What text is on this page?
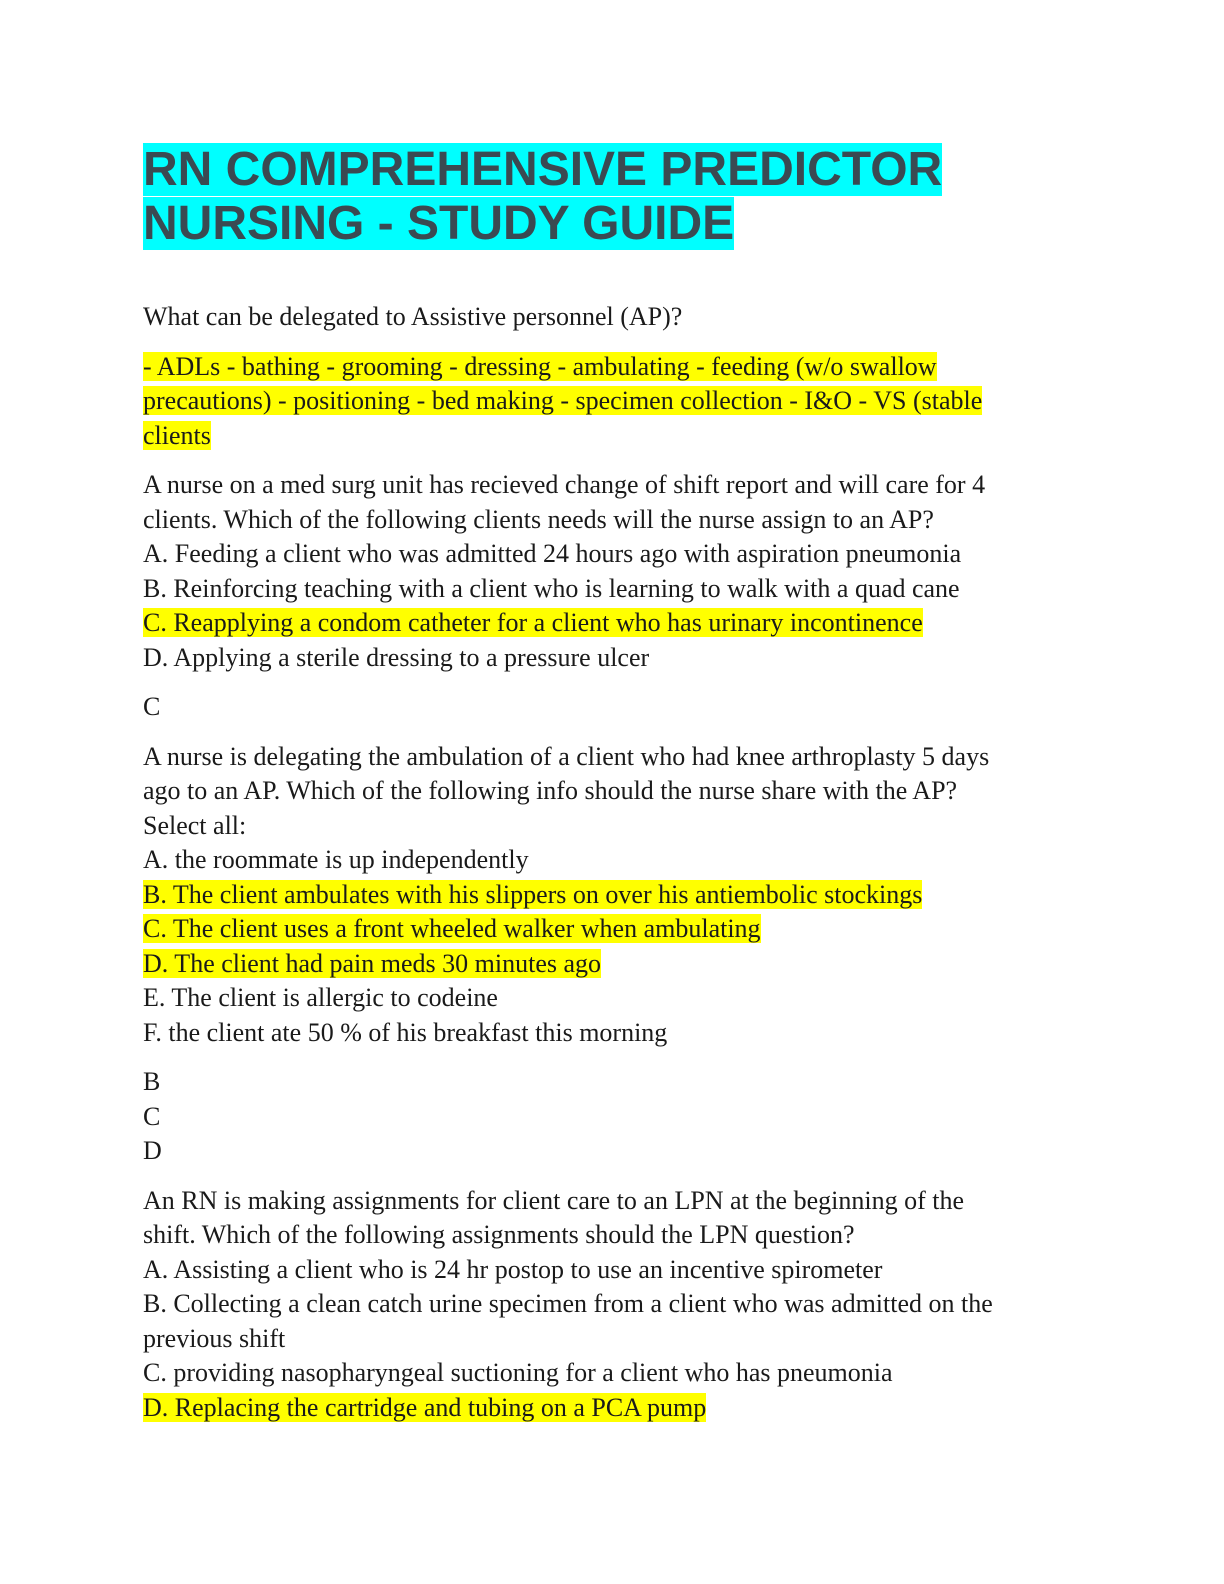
RN COMPREHENSIVE PREDICTOR
NURSING - STUDY GUIDE

What can be delegated to Assistive personnel (AP)?

- ADLs - bathing - grooming - dressing - ambulating - feeding (w/o swallow
precautions) - positioning - bed making - specimen collection - I&O - VS (stable
clients

A nurse on a med surg unit has recieved change of shift report and will care for 4
clients. Which of the following clients needs will the nurse assign to an AP?
A. Feeding a client who was admitted 24 hours ago with aspiration pneumonia
B. Reinforcing teaching with a client who is learning to walk with a quad cane
C. Reapplying a condom catheter for a client who has urinary incontinence
D. Applying a sterile dressing to a pressure ulcer

C

A nurse is delegating the ambulation of a client who had knee arthroplasty 5 days
ago to an AP. Which of the following info should the nurse share with the AP?
Select all:
A. the roommate is up independently
B. The client ambulates with his slippers on over his antiembolic stockings
C. The client uses a front wheeled walker when ambulating
D. The client had pain meds 30 minutes ago
E. The client is allergic to codeine
F. the client ate 50 % of his breakfast this morning

B
C
D

An RN is making assignments for client care to an LPN at the beginning of the
shift. Which of the following assignments should the LPN question?
A. Assisting a client who is 24 hr postop to use an incentive spirometer
B. Collecting a clean catch urine specimen from a client who was admitted on the
previous shift
C. providing nasopharyngeal suctioning for a client who has pneumonia
D. Replacing the cartridge and tubing on a PCA pump
